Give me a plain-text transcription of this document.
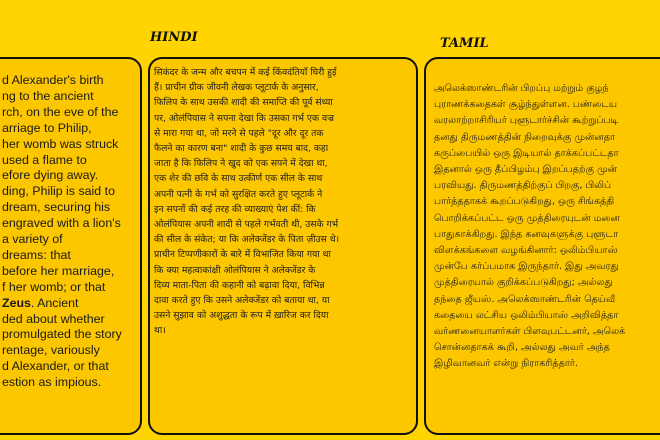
HINDI	TAMIL
d Alexander's birth
ng to the ancient
rch, on the eve of the
arriage to Philip,
her womb was struck
used a flame to
efore dying away.
ding, Philip is said to
dream, securing his
engraved with a lion's
a variety of
dreams: that
before her marriage,
f her womb; or that
Zeus. Ancient
ded about whether
promulgated the story
rentage, variously
d Alexander, or that
estion as impious.
सिकंदर के जन्म और बचपन में कई किंवदंतियाँ घिरी हुई
हैं। प्राचीन ग्रीक जीवनी लेखक प्लूटार्क के अनुसार,
फिलिप के साथ उसकी शादी की समाप्ति की पूर्व संध्या
पर, ओलंपियास ने सपना देखा कि उसका गर्भ एक वज्र
से मारा गया था, जो मरने से पहले "दूर और दूर तक
फैलने का कारण बना" शादी के कुछ समय बाद, कहा
जाता है कि फिलिप ने खुद को एक सपने में देखा था,
एक शेर की छवि के साथ उत्कीर्ण एक सील के साथ
अपनी पत्नी के गर्भ को सुरक्षित करते हुए प्लूटार्क ने
इन सपनों की कई तरह की व्याख्याएं पेश कीं: कि
ओलंपियास अपनी शादी से पहले गर्भवती थी, उसके गर्भ
की सील के संकेत; या कि अलेक्जेंडर के पिता ज़ीउस थे।
प्राचीन टिप्पणीकारों के बारे में विभाजित किया गया था
कि क्या महत्वाकांक्षी ओलंपियास ने अलेक्जेंडर के
दिव्य माता-पिता की कहानी को बढ़ावा दिया, विभिन्न
दावा करते हुए कि उसने अलेक्जेंडर को बताया था, या
उसने सुझाव को अशुद्धता के रूप में ख़ारिज कर दिया
था।
அலெக்ஸாண்டரின் பிறப்பு மற்றும் குழந்
புராணக்கதைகள் சூழ்ந்துள்ளன. பண்டைய
வரலாற்றாசிரியர் புளூடார்ச்சின் கூற்றுப்படி
தனது திருமணத்தின் நிறைவுக்கு முன்னதா
கருப்பையில் ஒரு இடியால் தாக்கப்பட்டதா
இதனால் ஒரு தீப்பிழம்பு இறப்பதற்கு முன்
பரவியது. திருமணத்திற்குப் பிறகு, பிலிப்
பார்த்ததாகக் கூறப்படுகிறது, ஒரு சிங்கத்தி
பொறிக்கப்பட்ட ஒரு முத்திரையுடன் மனை
பாதுகாக்கிறது. இந்த கனவுகளுக்கு புளூடா
விளக்கங்களை வழங்கினார்: ஒலிம்பியாஸ்
முன்பே கர்ப்பமாக இருந்தார். இது அவரது
முத்திரையால் குறிக்கப்படுகிறது; அல்லது
தந்தை ஜீயஸ். அலெக்ஸாண்டரின் தெய்வீ
கதையை லட்சிய ஒலிம்பியாஸ் அறிவித்தா
வர்ணனையாளர்கள் பிளவுபட்டனர், அலெக்
சொன்னதாகக் கூறி, அல்லது அவர் அந்த
இழிவானவர் என்று நிராகரித்தார்.
